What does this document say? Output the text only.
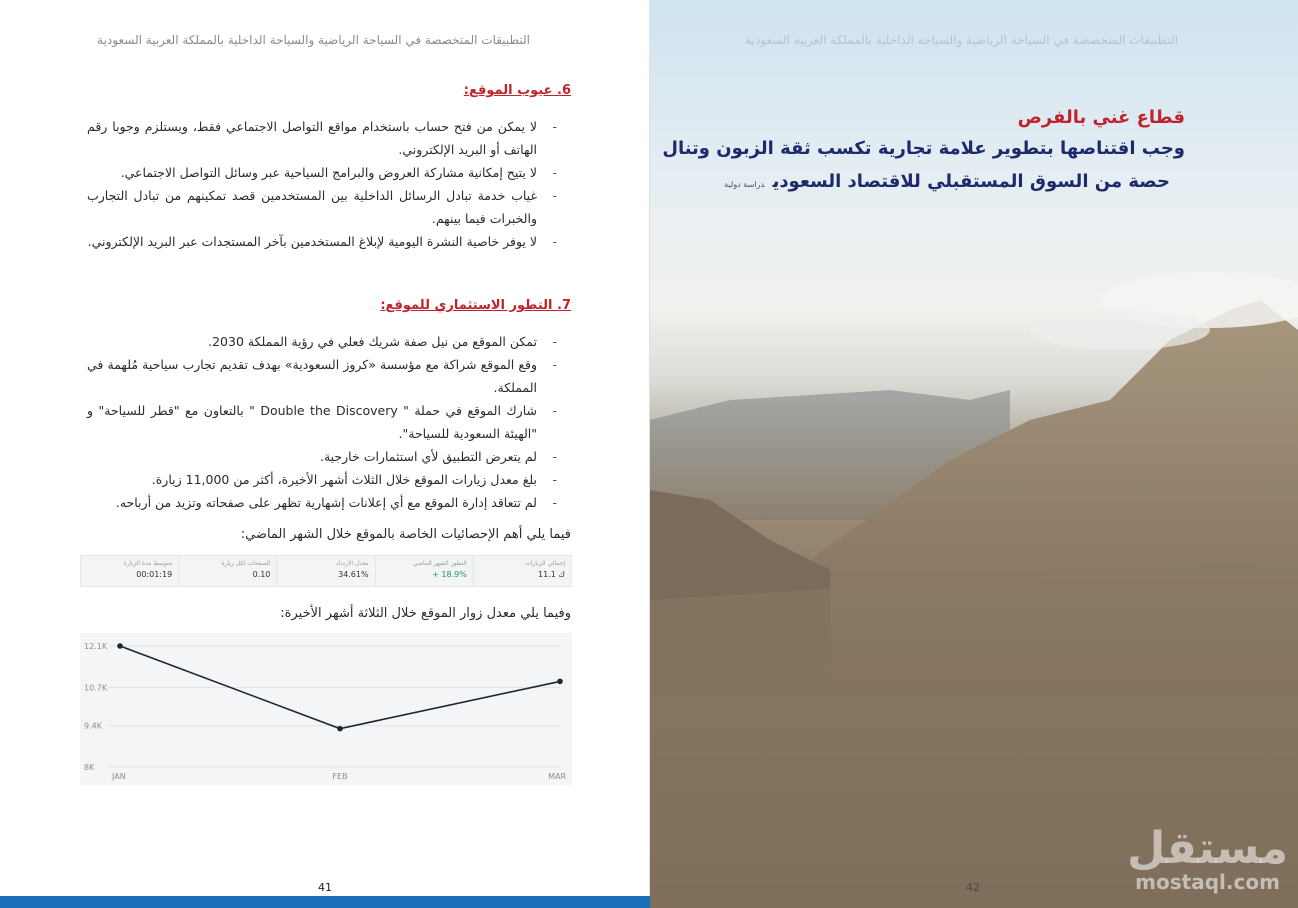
التطبيقات المتخصصة في السياحة الرياضية والسياحة الداخلية بالمملكة العربية السعودية
6. عيوب الموقع:
- لا يمكن من فتح حساب باستخدام مواقع التواصل الاجتماعي فقط، ويستلزم وجوبا رقم الهاتف أو البريد الإلكتروني.
- لا يتيح إمكانية مشاركة العروض والبرامج السياحية عبر وسائل التواصل الاجتماعي.
- غياب خدمة تبادل الرسائل الداخلية بين المستخدمين قصد تمكينهم من تبادل التجارب والخبرات فيما بينهم.
- لا يوفر خاصية النشرة اليومية لإبلاغ المستخدمين بآخر المستجدات عبر البريد الإلكتروني.
7. التطور الاستثماري للموقع:
- تمكن الموقع من نيل صفة شريك فعلي في رؤية المملكة 2030.
- وقع الموقع شراكة مع مؤسسة «كروز السعودية» بهدف تقديم تجارب سياحية مُلهمة في المملكة.
- شارك الموقع في حملة " Double the Discovery " بالتعاون مع "قطر للسياحة" و "الهيئة السعودية للسياحة".
- لم يتعرض التطبيق لأي استثمارات خارجية.
- بلغ معدل زيارات الموقع خلال الثلاث أشهر الأخيرة، أكثر من 11,000 زيارة.
- لم تتعاقد إدارة الموقع مع أي إعلانات إشهارية تظهر على صفحاته وتزيد من أرباحه.
فيما يلي أهم الإحصائيات الخاصة بالموقع خلال الشهر الماضي:
إجمالي الزيارات
11.1 ك
التطور الشهر الماضي
+ 18.9%
معدل الارتداد
34.61%
الصفحات لكل زيارة
0.10
متوسط مدة الزيارة
00:01:19
وفيما يلي معدل زوار الموقع خلال الثلاثة أشهر الأخيرة:
8K
9.4K
10.7K
12.1K
JAN	FEB	MAR
41
التطبيقات المتخصصة في السياحة الرياضية والسياحة الداخلية بالمملكة العربية السعودية
قطاع غني بالفرص
وجب اقتناصها بتطوير علامة تجارية تكسب ثقة الزبون وتنال
حصة من السوق المستقبلي للاقتصاد السعوديدراسة دولية
مستقل
mostaql.com
42
